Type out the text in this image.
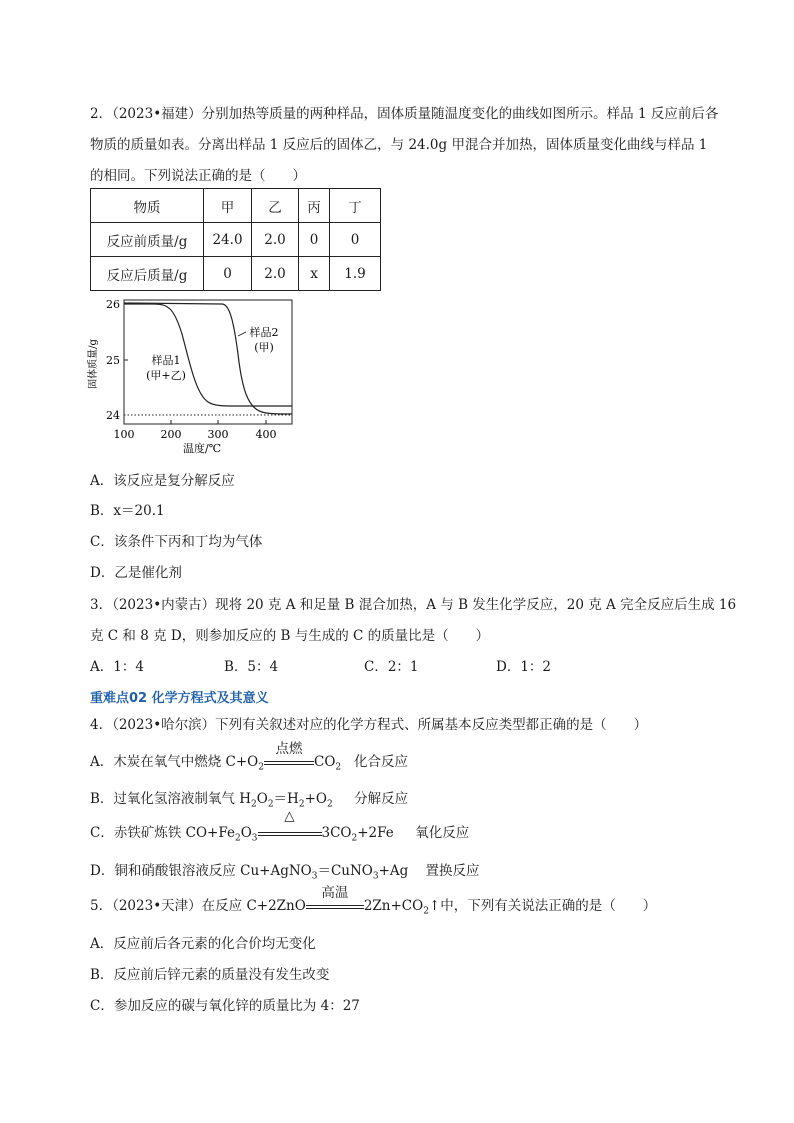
2．（2023•福建）分别加热等质量的两种样品，固体质量随温度变化的曲线如图所示。样品 1 反应前后各
物质的质量如表。分离出样品 1 反应后的固体乙，与 24.0g 甲混合并加热，固体质量变化曲线与样品 1
的相同。下列说法正确的是（　　）
物质	甲	乙	丙	丁
反应前质量/g	24.0	2.0	0	0
反应后质量/g	0	2.0	x	1.9
26
25
24
100 200 300 400
温度/℃
固体质量/g	样品1
(甲+乙)
样品2
(甲)
A．该反应是复分解反应
B．x＝20.1
C．该条件下丙和丁均为气体
D．乙是催化剂
3．（2023•内蒙古）现将 20 克 A 和足量 B 混合加热，A 与 B 发生化学反应，20 克 A 完全反应后生成 16
克 C 和 8 克 D，则参加反应的 B 与生成的 C 的质量比是（　　）
A．1：4	B．5：4	C．2：1	D．1：2
重难点02 化学方程式及其意义
4．（2023•哈尔滨）下列有关叙述对应的化学方程式、所属基本反应类型都正确的是（　　）
A．木炭在氧气中燃烧 $C+O_2$
点燃
$CO_2$ 化合反应
B．过氧化氢溶液制氧气 $H_2O_2=H_2+O_2$ 分解反应
C．赤铁矿炼铁 $CO+Fe_2O_3$
△
$3CO_2+2Fe$ 氧化反应
D．铜和硝酸银溶液反应 Cu+AgNO$_3$＝CuNO$_3$+Ag 置换反应
5．（2023•天津）在反应 C+2ZnO
高温
$2Zn+CO_2↑$中，下列有关说法正确的是（　　）
A．反应前后各元素的化合价均无变化
B．反应前后锌元素的质量没有发生改变
C．参加反应的碳与氧化锌的质量比为 4：27
